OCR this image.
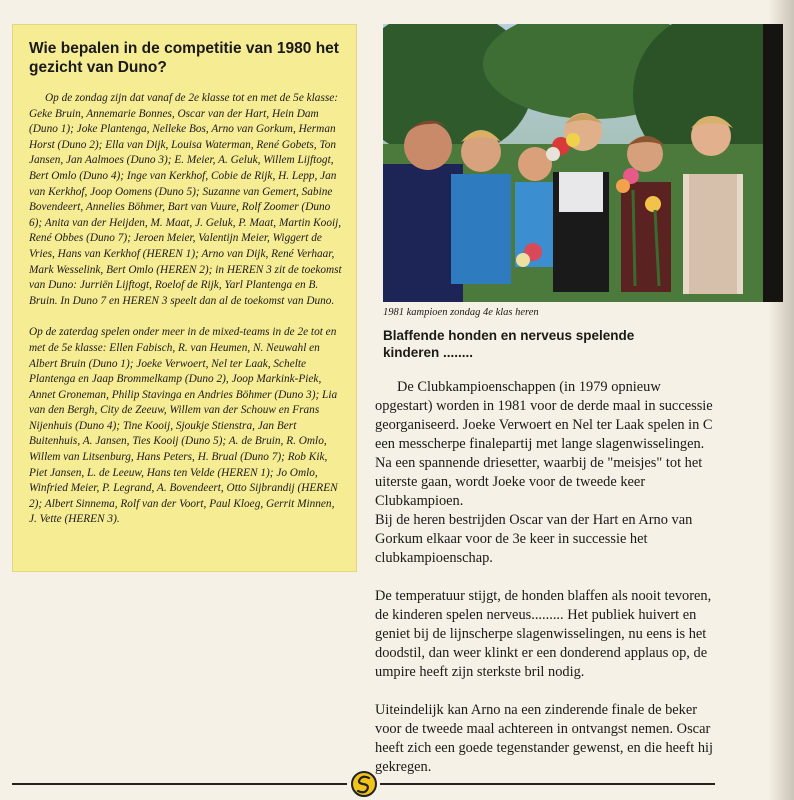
Wie bepalen in de competitie van 1980 het gezicht van Duno?

Op de zondag zijn dat vanaf de 2e klasse tot en met de 5e klasse: Geke Bruin, Annemarie Bonnes, Oscar van der Hart, Hein Dam (Duno 1); Joke Plantenga, Nelleke Bos, Arno van Gorkum, Herman Horst (Duno 2); Ella van Dijk, Louisa Waterman, René Gobets, Ton Jansen, Jan Aalmoes (Duno 3); E. Meier, A. Geluk, Willem Lijftogt, Bert Omlo (Duno 4); Inge van Kerkhof, Cobie de Rijk, H. Lepp, Jan van Kerkhof, Joop Oomens (Duno 5); Suzanne van Gemert, Sabine Bovendeert, Annelies Böhmer, Bart van Vuure, Rolf Zoomer (Duno 6); Anita van der Heijden, M. Maat, J. Geluk, P. Maat, Martin Kooij, René Obbes (Duno 7); Jeroen Meier, Valentijn Meier, Wiggert de Vries, Hans van Kerkhof (HEREN 1); Arno van Dijk, René Verhaar, Mark Wesselink, Bert Omlo (HEREN 2); in HEREN 3 zit de toekomst van Duno: Jurriën Lijftogt, Roelof de Rijk, Yarl Plantenga en B. Bruin. In Duno 7 en HEREN 3 speelt dan al de toekomst van Duno.

Op de zaterdag spelen onder meer in de mixed-teams in de 2e tot en met de 5e klasse: Ellen Fabisch, R. van Heumen, N. Neuwahl en Albert Bruin (Duno 1); Joeke Verwoert, Nel ter Laak, Schelte Plantenga en Jaap Brommelkamp (Duno 2), Joop Markink-Piek, Annet Groneman, Philip Stavinga en Andries Böhmer (Duno 3); Lia van den Bergh, City de Zeeuw, Willem van der Schouw en Frans Nijenhuis (Duno 4); Tine Kooij, Sjoukje Stienstra, Jan Bert Buitenhuis, A. Jansen, Ties Kooij (Duno 5); A. de Bruin, R. Omlo, Willem van Litsenburg, Hans Peters, H. Brual (Duno 7); Rob Kik, Piet Jansen, L. de Leeuw, Hans ten Velde (HEREN 1); Jo Omlo, Winfried Meier, P. Legrand, A. Bovendeert, Otto Sijbrandij (HEREN 2); Albert Sinnema, Rolf van der Voort, Paul Kloeg, Gerrit Minnen, J. Vette (HEREN 3).

1981 kampioen zondag 4e klas heren
Blaffende honden en nerveus spelende kinderen ........

De Clubkampioenschappen (in 1979 opnieuw opgestart) worden in 1981 voor de derde maal in successie georganiseerd. Joeke Verwoert en Nel ter Laak spelen in C een messcherpe finalepartij met lange slagenwisselingen. Na een spannende driesetter, waarbij de "meisjes" tot het uiterste gaan, wordt Joeke voor de tweede keer Clubkampioen.

Bij de heren bestrijden Oscar van der Hart en Arno van Gorkum elkaar voor de 3e keer in successie het clubkampioenschap.

De temperatuur stijgt, de honden blaffen als nooit tevoren, de kinderen spelen nerveus......... Het publiek huivert en geniet bij de lijnscherpe slagenwisselingen, nu eens is het doodstil, dan weer klinkt er een donderend applaus op, de umpire heeft zijn sterkste bril nodig.

Uiteindelijk kan Arno na een zinderende finale de beker voor de tweede maal achtereen in ontvangst nemen. Oscar heeft zich een goede tegenstander gewenst, en die heeft hij gekregen.
